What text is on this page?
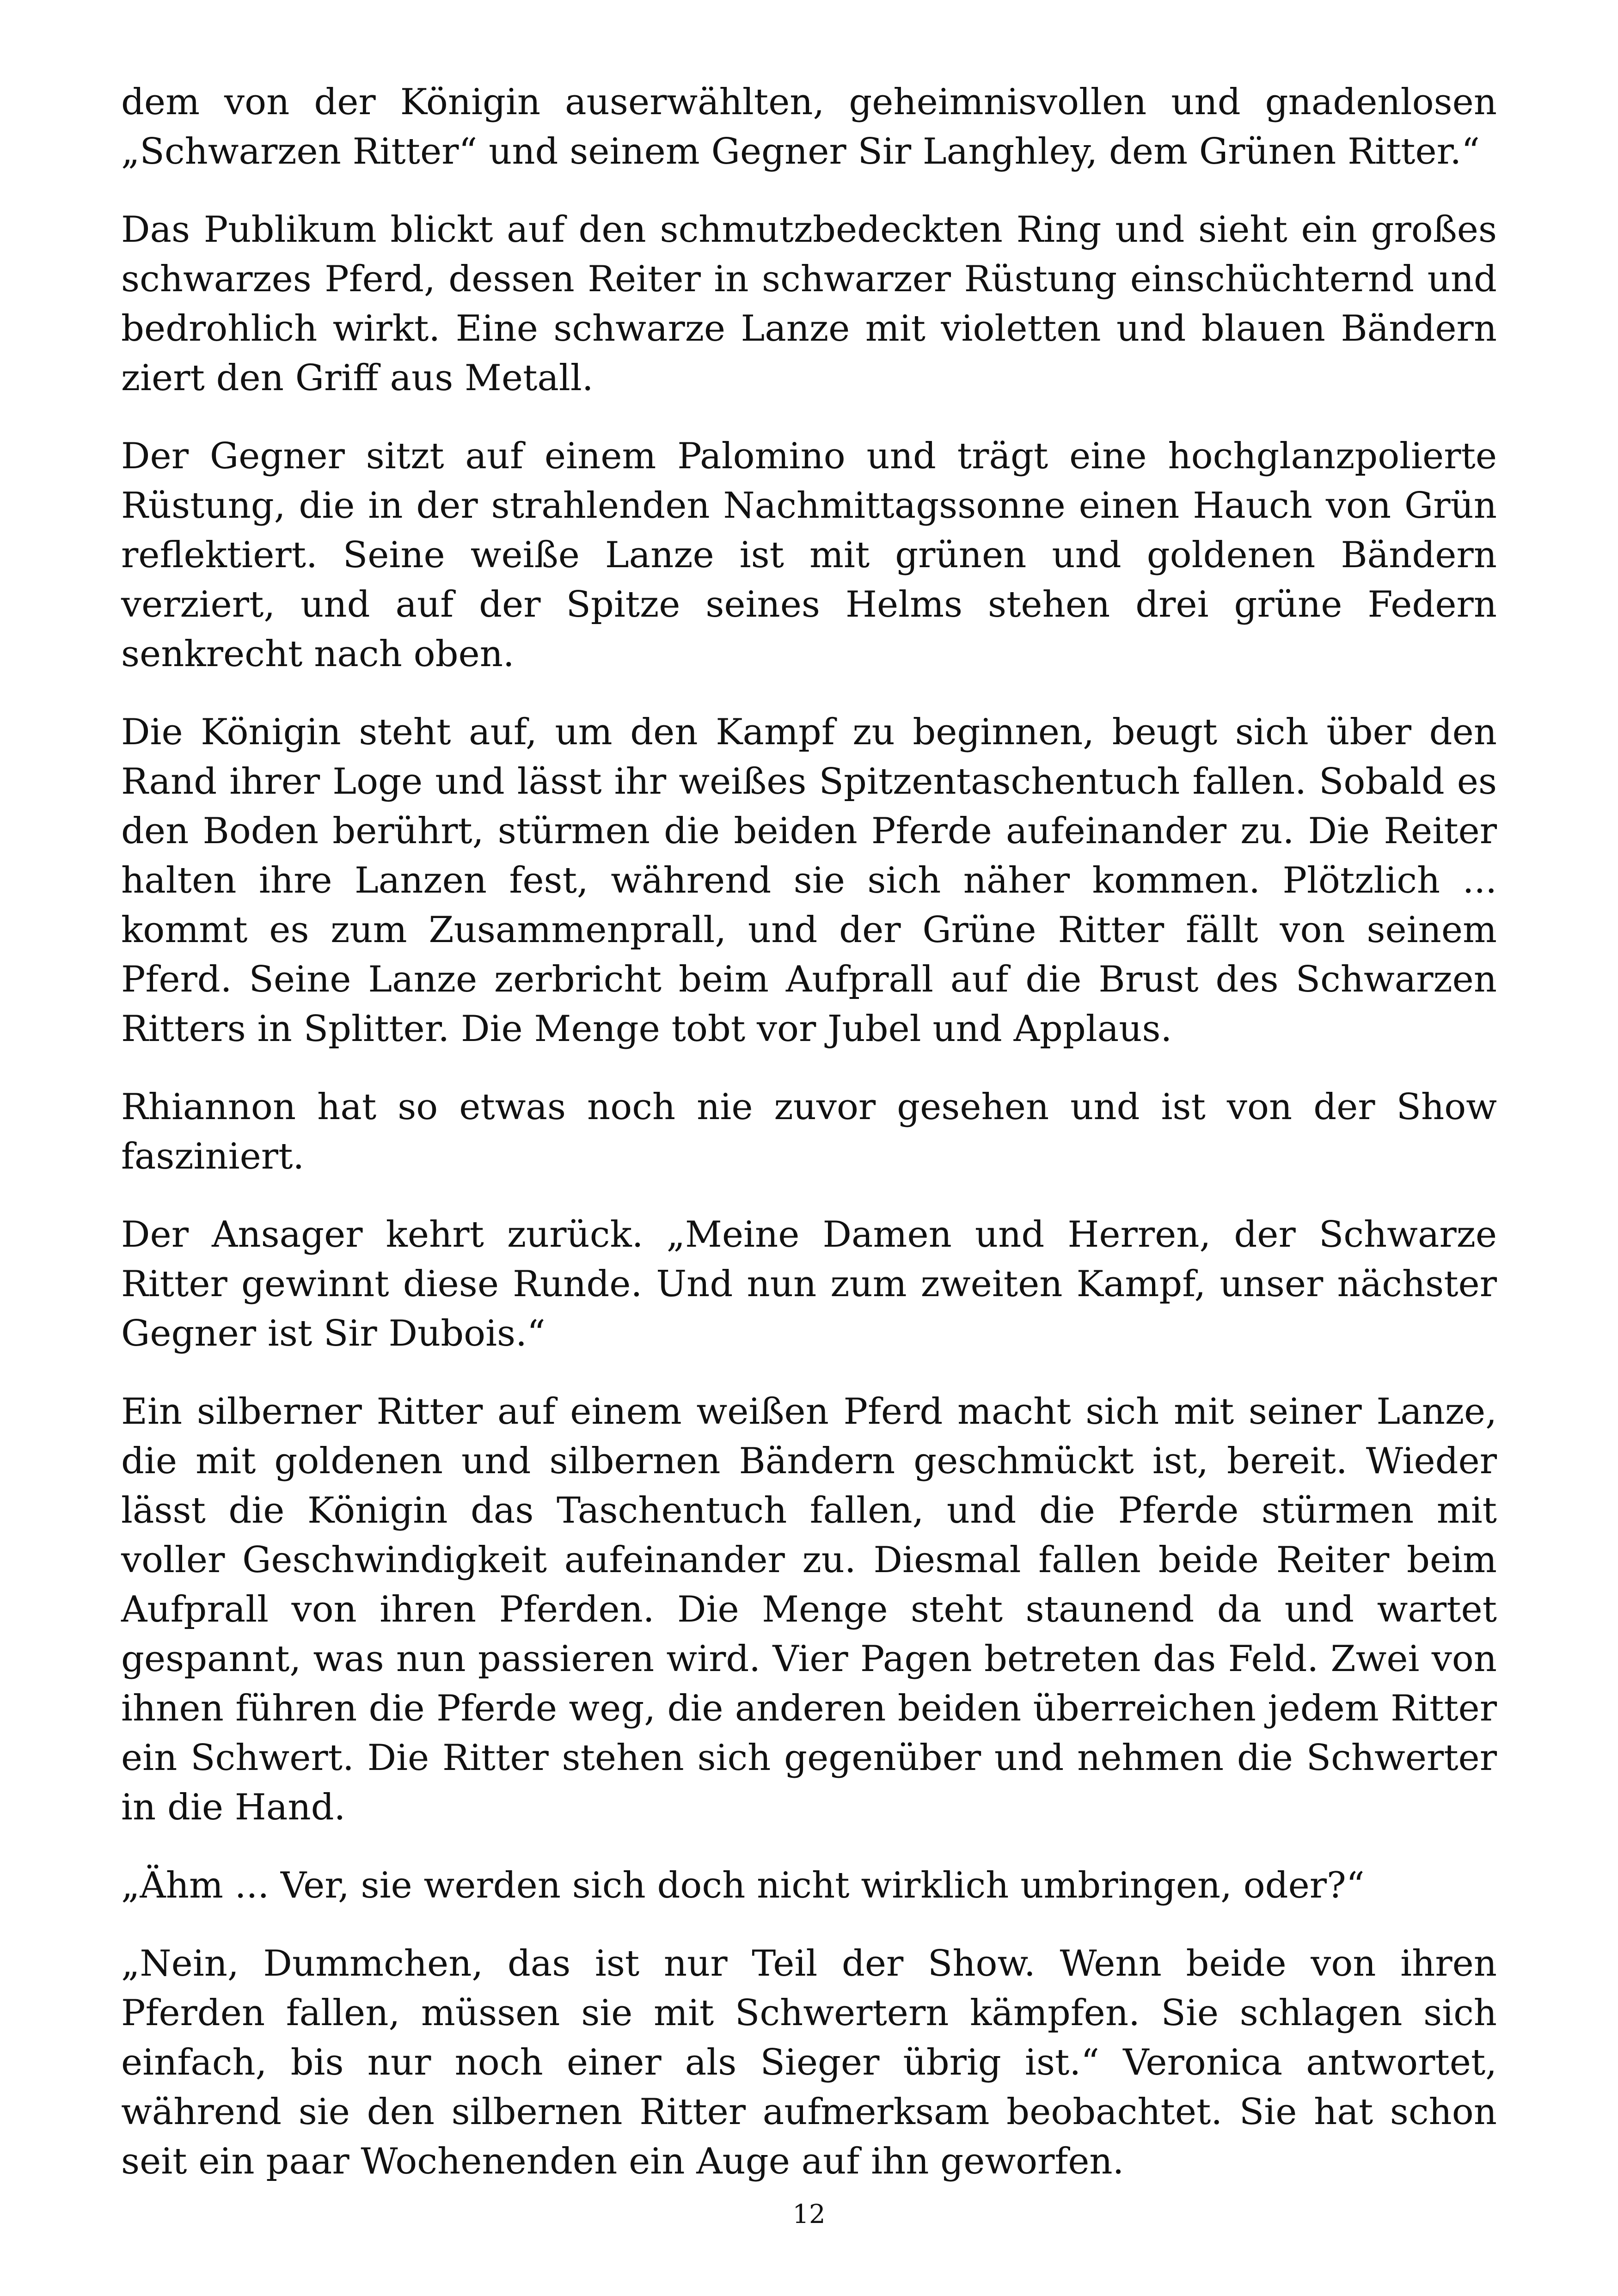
dem von der Königin auserwählten, geheimnisvollen und gnadenlosen „Schwarzen Ritter“ und seinem Gegner Sir Langhley, dem Grünen Ritter.“

Das Publikum blickt auf den schmutzbedeckten Ring und sieht ein großes schwarzes Pferd, dessen Reiter in schwarzer Rüstung einschüchternd und bedrohlich wirkt. Eine schwarze Lanze mit violetten und blauen Bändern ziert den Griff aus Metall.

Der Gegner sitzt auf einem Palomino und trägt eine hochglanzpolierte Rüstung, die in der strahlenden Nachmittagssonne einen Hauch von Grün reflektiert. Seine weiße Lanze ist mit grünen und goldenen Bändern verziert, und auf der Spitze seines Helms stehen drei grüne Federn senkrecht nach oben.

Die Königin steht auf, um den Kampf zu beginnen, beugt sich über den Rand ihrer Loge und lässt ihr weißes Spitzentaschentuch fallen. Sobald es den Boden berührt, stürmen die beiden Pferde aufeinander zu. Die Reiter halten ihre Lanzen fest, während sie sich näher kommen. Plötzlich ... kommt es zum Zusammenprall, und der Grüne Ritter fällt von seinem Pferd. Seine Lanze zerbricht beim Aufprall auf die Brust des Schwarzen Ritters in Splitter. Die Menge tobt vor Jubel und Applaus.

Rhiannon hat so etwas noch nie zuvor gesehen und ist von der Show fasziniert.

Der Ansager kehrt zurück. „Meine Damen und Herren, der Schwarze Ritter gewinnt diese Runde. Und nun zum zweiten Kampf, unser nächster Gegner ist Sir Dubois.“

Ein silberner Ritter auf einem weißen Pferd macht sich mit seiner Lanze, die mit goldenen und silbernen Bändern geschmückt ist, bereit. Wieder lässt die Königin das Taschentuch fallen, und die Pferde stürmen mit voller Geschwindigkeit aufeinander zu. Diesmal fallen beide Reiter beim Aufprall von ihren Pferden. Die Menge steht staunend da und wartet gespannt, was nun passieren wird. Vier Pagen betreten das Feld. Zwei von ihnen führen die Pferde weg, die anderen beiden überreichen jedem Ritter ein Schwert. Die Ritter stehen sich gegenüber und nehmen die Schwerter in die Hand.

„Ähm ... Ver, sie werden sich doch nicht wirklich umbringen, oder?“

„Nein, Dummchen, das ist nur Teil der Show. Wenn beide von ihren Pferden fallen, müssen sie mit Schwertern kämpfen. Sie schlagen sich einfach, bis nur noch einer als Sieger übrig ist.“ Veronica antwortet, während sie den silbernen Ritter aufmerksam beobachtet. Sie hat schon seit ein paar Wochenenden ein Auge auf ihn geworfen.

12
